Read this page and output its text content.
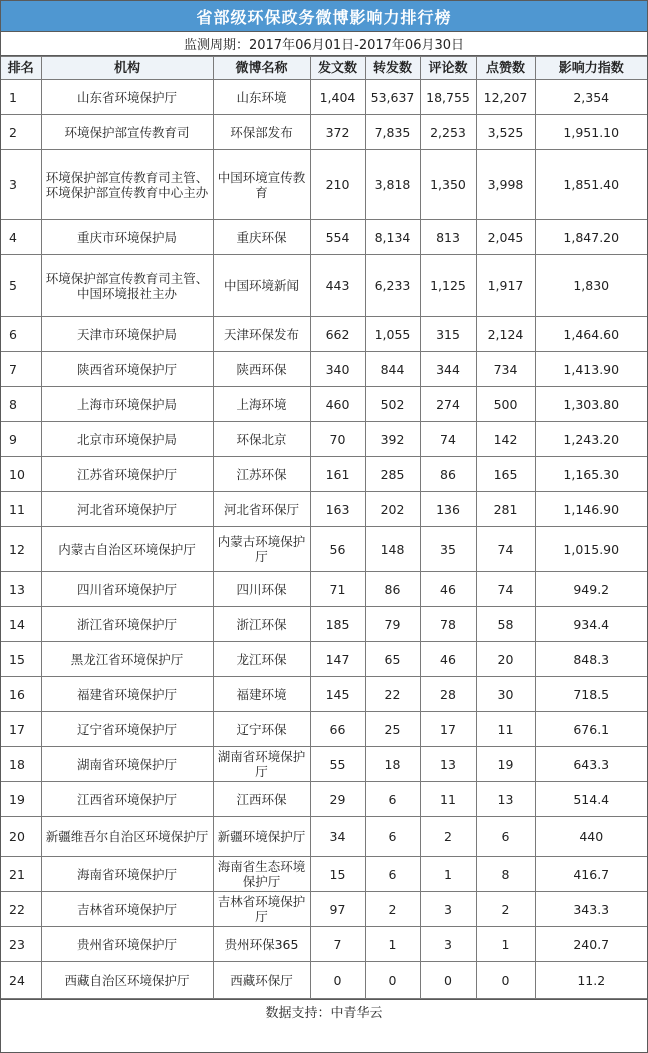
省部级环保政务微博影响力排行榜
监测周期：2017年06月01日-2017年06月30日
排名	机构	微博名称	发文数	转发数	评论数	点赞数	影响力指数
1	山东省环境保护厅	山东环境	1,404	53,637	18,755	12,207	2,354
2	环境保护部宣传教育司	环保部发布	372	7,835	2,253	3,525	1,951.10
3	环境保护部宣传教育司主管、环境保护部宣传教育中心主办	中国环境宣传教育	210	3,818	1,350	3,998	1,851.40
4	重庆市环境保护局	重庆环保	554	8,134	813	2,045	1,847.20
5	环境保护部宣传教育司主管、中国环境报社主办	中国环境新闻	443	6,233	1,125	1,917	1,830
6	天津市环境保护局	天津环保发布	662	1,055	315	2,124	1,464.60
7	陕西省环境保护厅	陕西环保	340	844	344	734	1,413.90
8	上海市环境保护局	上海环境	460	502	274	500	1,303.80
9	北京市环境保护局	环保北京	70	392	74	142	1,243.20
10	江苏省环境保护厅	江苏环保	161	285	86	165	1,165.30
11	河北省环境保护厅	河北省环保厅	163	202	136	281	1,146.90
12	内蒙古自治区环境保护厅	内蒙古环境保护厅	56	148	35	74	1,015.90
13	四川省环境保护厅	四川环保	71	86	46	74	949.2
14	浙江省环境保护厅	浙江环保	185	79	78	58	934.4
15	黑龙江省环境保护厅	龙江环保	147	65	46	20	848.3
16	福建省环境保护厅	福建环境	145	22	28	30	718.5
17	辽宁省环境保护厅	辽宁环保	66	25	17	11	676.1
18	湖南省环境保护厅	湖南省环境保护厅	55	18	13	19	643.3
19	江西省环境保护厅	江西环保	29	6	11	13	514.4
20	新疆维吾尔自治区环境保护厅	新疆环境保护厅	34	6	2	6	440
21	海南省环境保护厅	海南省生态环境保护厅	15	6	1	8	416.7
22	吉林省环境保护厅	吉林省环境保护厅	97	2	3	2	343.3
23	贵州省环境保护厅	贵州环保365	7	1	3	1	240.7
24	西藏自治区环境保护厅	西藏环保厅	0	0	0	0	11.2
数据支持：中青华云
